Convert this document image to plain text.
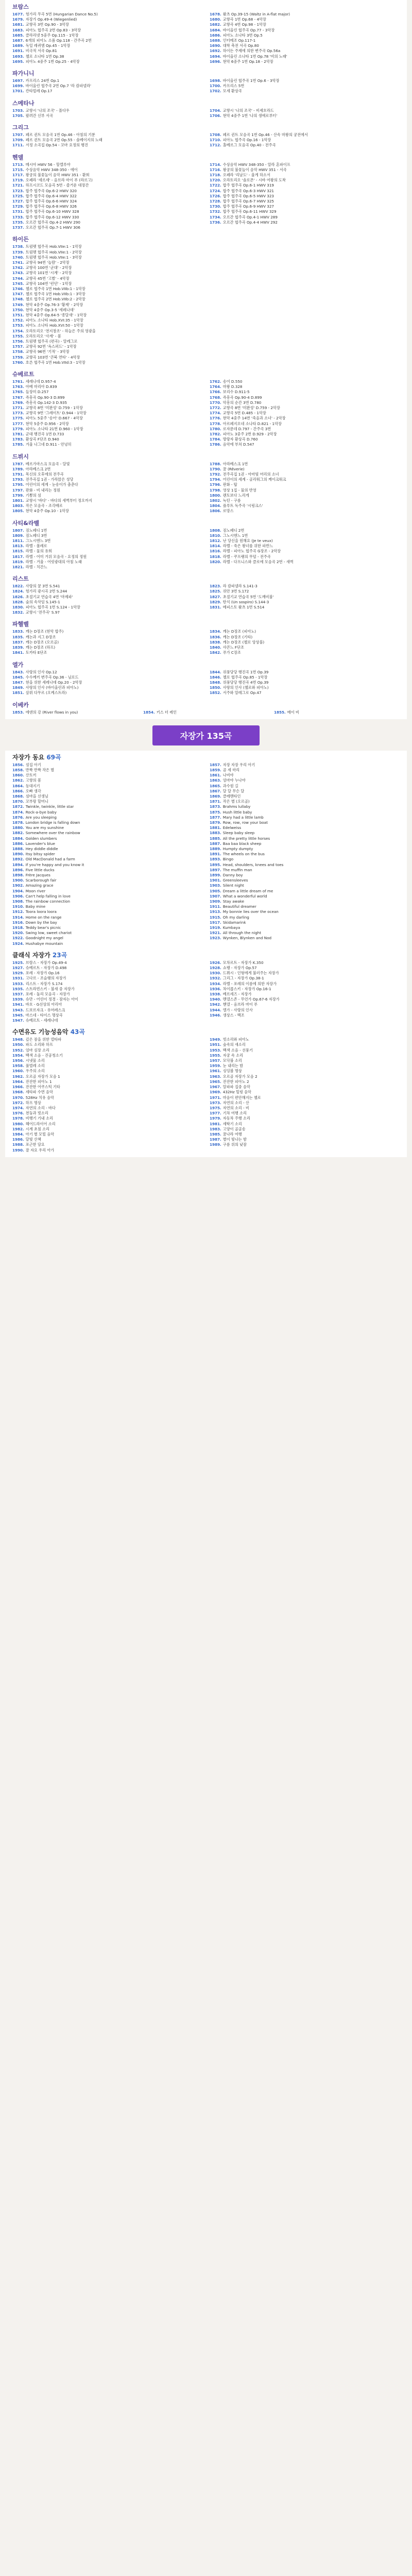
브람스
1677. 헝가리 무곡 5번 (Hungarian Dance No.5)	1678. 왈츠 Op.39-15 (Waltz in A-flat major)
1679. 자장가 Op.49-4 (Wiegenlied)	1680. 교향곡 1번 Op.68 - 4악장
1681. 교향곡 3번 Op.90 - 3악장	1682. 교향곡 4번 Op.98 - 1악장
1683. 피아노 협주곡 2번 Op.83 - 3악장	1684. 바이올린 협주곡 Op.77 - 3악장
1685. 클라리넷 5중주 Op.115 - 1악장	1686. 피아노 소나타 3번 Op.5
1687. 6개의 피아노 소품 Op.118 - 간주곡 2번	1688. 인터메조 Op.117-1
1689. 독일 레퀴엠 Op.45 - 1악장	1690. 대학 축전 서곡 Op.80
1691. 비극적 서곡 Op.81	1692. 하이든 주제에 의한 변주곡 Op.56a
1693. 첼로 소나타 1번 Op.38	1694. 바이올린 소나타 1번 Op.78 '비의 노래'
1695. 피아노 4중주 1번 Op.25 - 4악장	1696. 현악 6중주 1번 Op.18 - 2악장
파가니니
1697. 카프리스 24번 Op.1	1698. 바이올린 협주곡 1번 Op.6 - 3악장
1699. 바이올린 협주곡 2번 Op.7 '라 캄파넬라'	1700. 카프리스 5번
1701. 칸타빌레 Op.17	1702. 모세 환상곡
스메타나
1703. 교향시 '나의 조국' - 몰다우	1704. 교향시 '나의 조국' - 비셰흐라드
1705. 팔려간 신부 서곡	1706. 현악 4중주 1번 '나의 생애로부터'
그리그
1707. 페르 귄트 모음곡 1번 Op.46 - 아침의 기분	1708. 페르 귄트 모음곡 1번 Op.46 - 산속 마왕의 궁전에서
1709. 페르 귄트 모음곡 2번 Op.55 - 솔베이지의 노래	1710. 피아노 협주곡 Op.16 - 1악장
1711. 서정 소곡집 Op.54 - 꼬마 요정의 행진	1712. 홀베르그 모음곡 Op.40 - 전주곡
헨델
1713. 메시아 HWV 56 - 할렐루야	1714. 수상음악 HWV 348-350 - 알라 혼파이프
1715. 수상음악 HWV 348-350 - 에어	1716. 왕궁의 불꽃놀이 음악 HWV 351 - 서곡
1717. 왕궁의 불꽃놀이 음악 HWV 351 - 환희	1718. 오페라 '리날도' - 울게 하소서
1719. 오페라 '세르세' - 옴브라 마이 푸 (라르고)	1720. 오라토리오 '솔로몬' - 시바 여왕의 도착
1721. 하프시코드 모음곡 5번 - 즐거운 대장간	1722. 합주 협주곡 Op.6-1 HWV 319
1723. 합주 협주곡 Op.6-2 HWV 320	1724. 합주 협주곡 Op.6-3 HWV 321
1725. 합주 협주곡 Op.6-4 HWV 322	1726. 합주 협주곡 Op.6-5 HWV 323
1727. 합주 협주곡 Op.6-6 HWV 324	1728. 합주 협주곡 Op.6-7 HWV 325
1729. 합주 협주곡 Op.6-8 HWV 326	1730. 합주 협주곡 Op.6-9 HWV 327
1731. 합주 협주곡 Op.6-10 HWV 328	1732. 합주 협주곡 Op.6-11 HWV 329
1733. 합주 협주곡 Op.6-12 HWV 330	1734. 오르간 협주곡 Op.4-1 HWV 289
1735. 오르간 협주곡 Op.4-2 HWV 290	1736. 오르간 협주곡 Op.4-4 HWV 292
1737. 오르간 협주곡 Op.7-1 HWV 306
하이든
1738. 트럼펫 협주곡 Hob.VIIe:1 - 1악장
1739. 트럼펫 협주곡 Hob.VIIe:1 - 2악장
1740. 트럼펫 협주곡 Hob.VIIe:1 - 3악장
1741. 교향곡 94번 '놀람' - 2악장
1742. 교향곡 100번 '군대' - 2악장
1743. 교향곡 101번 '시계' - 2악장
1744. 교향곡 45번 '고별' - 4악장
1745. 교향곡 104번 '런던' - 1악장
1746. 첼로 협주곡 1번 Hob.VIIb:1 - 1악장
1747. 첼로 협주곡 1번 Hob.VIIb:1 - 3악장
1748. 첼로 협주곡 2번 Hob.VIIb:2 - 2악장
1749. 현악 4중주 Op.76-3 '황제' - 2악장
1750. 현악 4중주 Op.3-5 '세레나데'
1751. 현악 4중주 Op.64-5 '종달새' - 1악장
1752. 피아노 소나타 Hob.XVI:35 - 1악장
1753. 피아노 소나타 Hob.XVI:50 - 1악장
1754. 오라토리오 '천지창조' - 하늘은 주의 영광을
1755. 오라토리오 '사계' - 봄
1756. 트럼펫 협주곡 (편곡) - 알레그로
1757. 교향곡 92번 '옥스퍼드' - 1악장
1758. 교향곡 96번 '기적' - 3악장
1759. 교향곡 103번 '큰북 연타' - 4악장
1760. 호른 협주곡 1번 Hob.VIId:3 - 1악장
슈베르트
1761. 세레나데 D.957-4	1762. 송어 D.550
1763. 아베 마리아 D.839	1764. 마왕 D.328
1765. 들장미 D.257	1766. 보리수 D.911-5
1767. 즉흥곡 Op.90-3 D.899	1768. 즉흥곡 Op.90-4 D.899
1769. 즉흥곡 Op.142-3 D.935	1770. 악흥의 순간 3번 D.780
1771. 교향곡 8번 '미완성' D.759 - 1악장	1772. 교향곡 8번 '미완성' D.759 - 2악장
1773. 교향곡 9번 '그레이트' D.944 - 1악장	1774. 교향곡 5번 D.485 - 1악장
1775. 피아노 5중주 '송어' D.667 - 4악장	1776. 현악 4중주 14번 '죽음과 소녀' - 2악장
1777. 현악 5중주 D.956 - 2악장	1778. 아르페지오네 소나타 D.821 - 1악장
1779. 피아노 소나타 21번 D.960 - 1악장	1780. 로자문데 D.797 - 간주곡 3번
1781. 군대 행진곡 1번 D.733	1782. 피아노 3중주 2번 D.929 - 2악장
1783. 환상곡 F단조 D.940	1784. 방랑자 환상곡 D.760
1785. 겨울 나그네 D.911 - 안녕히	1786. 음악에 부쳐 D.547
드뷔시
1787. 베르가마스크 모음곡 - 달빛	1788. 아라베스크 1번
1789. 아라베스크 2번	1790. 꿈 (Rêverie)
1791. 목신의 오후에의 전주곡	1792. 전주곡집 1권 - 아마빛 머리의 소녀
1793. 전주곡집 1권 - 가라앉은 성당	1794. 어린이의 세계 - 골리워그의 케이크워크
1795. 어린이의 세계 - 눈송이가 춤춘다	1796. 판화 - 탑
1797. 판화 - 비 내리는 정원	1798. 영상 1집 - 물의 반영
1799. 기쁨의 섬	1800. 렌토보다 느리게
1801. 교향시 '바다' - 바다의 새벽부터 정오까지	1802. 녹턴 - 구름
1803. 작은 모음곡 - 조각배로	1804. 플루트 독주곡 '시링크스'
1805. 현악 4중주 Op.10 - 1악장	1806. 로망스
사티&라벨
1807. 짐노페디 1번	1808. 짐노페디 2번
1809. 짐노페디 3번	1810. 그노시엔느 1번
1811. 그노시엔느 3번	1812. 난 당신을 원해요 (Je te veux)
1813. 라벨 - 볼레로	1814. 라벨 - 죽은 왕녀를 위한 파반느
1815. 라벨 - 물의 유희	1816. 라벨 - 피아노 협주곡 G장조 - 2악장
1817. 라벨 - 어미 거위 모음곡 - 요정의 정원	1818. 라벨 - 쿠프랭의 무덤 - 전주곡
1819. 라벨 - 거울 - 어릿광대의 아침 노래	1820. 라벨 - 다프니스와 클로에 모음곡 2번 - 새벽
1821. 라벨 - 치간느
리스트
1822. 사랑의 꿈 3번 S.541	1823. 라 캄파넬라 S.141-3
1824. 헝가리 광시곡 2번 S.244	1825. 위안 3번 S.172
1826. 초절기교 연습곡 4번 '마제파'	1827. 초절기교 연습곡 5번 '도깨비불'
1828. 숲의 속삭임 S.145-1	1829. 탄식 (Un sospiro) S.144-3
1830. 피아노 협주곡 1번 S.124 - 1악장	1831. 메피스토 왈츠 1번 S.514
1832. 교향시 '전주곡' S.97
파헬벨
1833. 캐논 D장조 (현악 합주)	1834. 캐논 D장조 (피아노)
1835. 캐논과 지그 D장조	1836. 캐논 D장조 (기타)
1837. 캐논 D장조 (오르골)	1838. 캐논 D장조 (첼로 앙상블)
1839. 캐논 D장조 (하프)	1840. 샤콘느 F단조
1841. 토카타 E단조	1842. 푸가 C장조
엘가
1843. 사랑의 인사 Op.12	1844. 위풍당당 행진곡 1번 Op.39
1845. 수수께끼 변주곡 Op.36 - 님로드	1846. 첼로 협주곡 Op.85 - 1악장
1847. 현을 위한 세레나데 Op.20 - 2악장	1848. 위풍당당 행진곡 4번 Op.39
1849. 사랑의 인사 (바이올린과 피아노)	1850. 사랑의 인사 (첼로와 피아노)
1851. 살뤼 다무르 (오케스트라)	1852. 서주와 알레그로 Op.47
이베카
1853. 에덴의 강 (River flows in you)	1854. 키스 더 레인	1855. 메이 비
자장가 135곡
자장가 동요 69곡
1856. 섬집 아기	1857. 자장 자장 우리 아기
1858. 반짝 반짝 작은 별	1859. 곰 세 마리
1860. 산토끼	1861. 나비야
1862. 고향의 봄	1863. 엄마야 누나야
1864. 등대지기	1865. 과수원 길
1866. 오빠 생각	1867. 달 달 무슨 달
1868. 섬마을 선생님	1869. 클레멘타인
1870. 꼬부랑 할머니	1871. 작은 별 (오르골)
1872. Twinkle, twinkle, little star	1873. Brahms lullaby
1874. Rock-a-bye baby	1875. Hush little baby
1876. Are you sleeping	1877. Mary had a little lamb
1878. London bridge is falling down	1879. Row, row, row your boat
1880. You are my sunshine	1881. Edelweiss
1882. Somewhere over the rainbow	1883. Sleep baby sleep
1884. Golden slumbers	1885. All the pretty little horses
1886. Lavender's blue	1887. Baa baa black sheep
1888. Hey diddle diddle	1889. Humpty dumpty
1890. Itsy bitsy spider	1891. The wheels on the bus
1892. Old MacDonald had a farm	1893. Bingo
1894. If you're happy and you know it	1895. Head, shoulders, knees and toes
1896. Five little ducks	1897. The muffin man
1898. Frère Jacques	1899. Danny boy
1900. Scarborough fair	1901. Greensleeves
1902. Amazing grace	1903. Silent night
1904. Moon river	1905. Dream a little dream of me
1906. Can't help falling in love	1907. What a wonderful world
1908. The rainbow connection	1909. Stay awake
1910. Baby mine	1911. Beautiful dreamer
1912. Toora loora loora	1913. My bonnie lies over the ocean
1914. Home on the range	1915. Oh my darling
1916. Down by the bay	1917. Skidamarink
1918. Teddy bear's picnic	1919. Kumbaya
1920. Swing low, sweet chariot	1921. All through the night
1922. Goodnight my angel	1923. Wynken, Blynken and Nod
1924. Hushabye mountain
클래식 자장가 23곡
1925. 브람스 - 자장가 Op.49-4	1926. 모차르트 - 자장가 K.350
1927. 슈베르트 - 자장가 D.498	1928. 쇼팽 - 자장가 Op.57
1929. 포레 - 자장가 Op.16	1930. 드뷔시 - 인형에게 불러주는 자장가
1931. 고다르 - 조슬랭의 자장가	1932. 그리그 - 자장가 Op.38-1
1933. 리스트 - 자장가 S.174	1934. 라벨 - 포레의 이름에 의한 자장가
1935. 스트라빈스키 - 불새 중 자장가	1936. 차이콥스키 - 자장가 Op.16-1
1937. 포레 - 돌리 모음곡 - 자장가	1938. 베르세즈 - 자장가
1939. 슈만 - 어린이 정경 - 잠자는 아이	1940. 멘델스존 - 무언가 Op.67-6 자장가
1941. 바흐 - G선상의 아리아	1942. 헨델 - 옴브라 마이 푸
1943. 드보르자크 - 유머레스크	1944. 엘가 - 사랑의 인사
1945. 마스네 - 타이스 명상곡	1946. 생상스 - 백조
1947. 슈베르트 - 세레나데
수면유도 기능성음악 43곡
1948. 깊은 잠을 위한 델타파	1949. 빗소리와 피아노
1950. 파도 소리와 하프	1951. 숲속의 새소리
1952. 엄마 심장 소리	1953. 백색 소음 - 선풍기
1954. 백색 소음 - 진공청소기	1955. 자궁 속 소리
1956. 시냇물 소리	1957. 모닥불 소리
1958. 풀벌레 소리	1959. 눈 내리는 밤
1960. 우주의 소리	1961. 싱잉볼 명상
1962. 오르골 자장가 모음 1	1963. 오르골 자장가 모음 2
1964. 잔잔한 피아노 1	1965. 잔잔한 피아노 2
1966. 잔잔한 어쿠스틱 기타	1967. 알파파 집중 음악
1968. 세타파 수면 음악	1969. 432Hz 힐링 음악
1970. 528Hz 치유 음악	1971. 마음이 편안해지는 첼로
1972. 하프 명상	1973. 자연의 소리 - 산
1974. 자연의 소리 - 바다	1975. 자연의 소리 - 비
1976. 천둥과 빗소리	1977. 기차 여행 소리
1978. 비행기 기내 소리	1979. 자동차 주행 소리
1980. 헤어드라이어 소리	1981. 세탁기 소리
1982. 시계 초침 소리	1983. 고양이 골골송
1984. 아기 별 모빌 음악	1985. 꿈나라 여행
1986. 달빛 산책	1987. 별이 빛나는 밤
1988. 포근한 담요	1989. 구름 위의 낮잠
1990. 잘 자요 우리 아가
